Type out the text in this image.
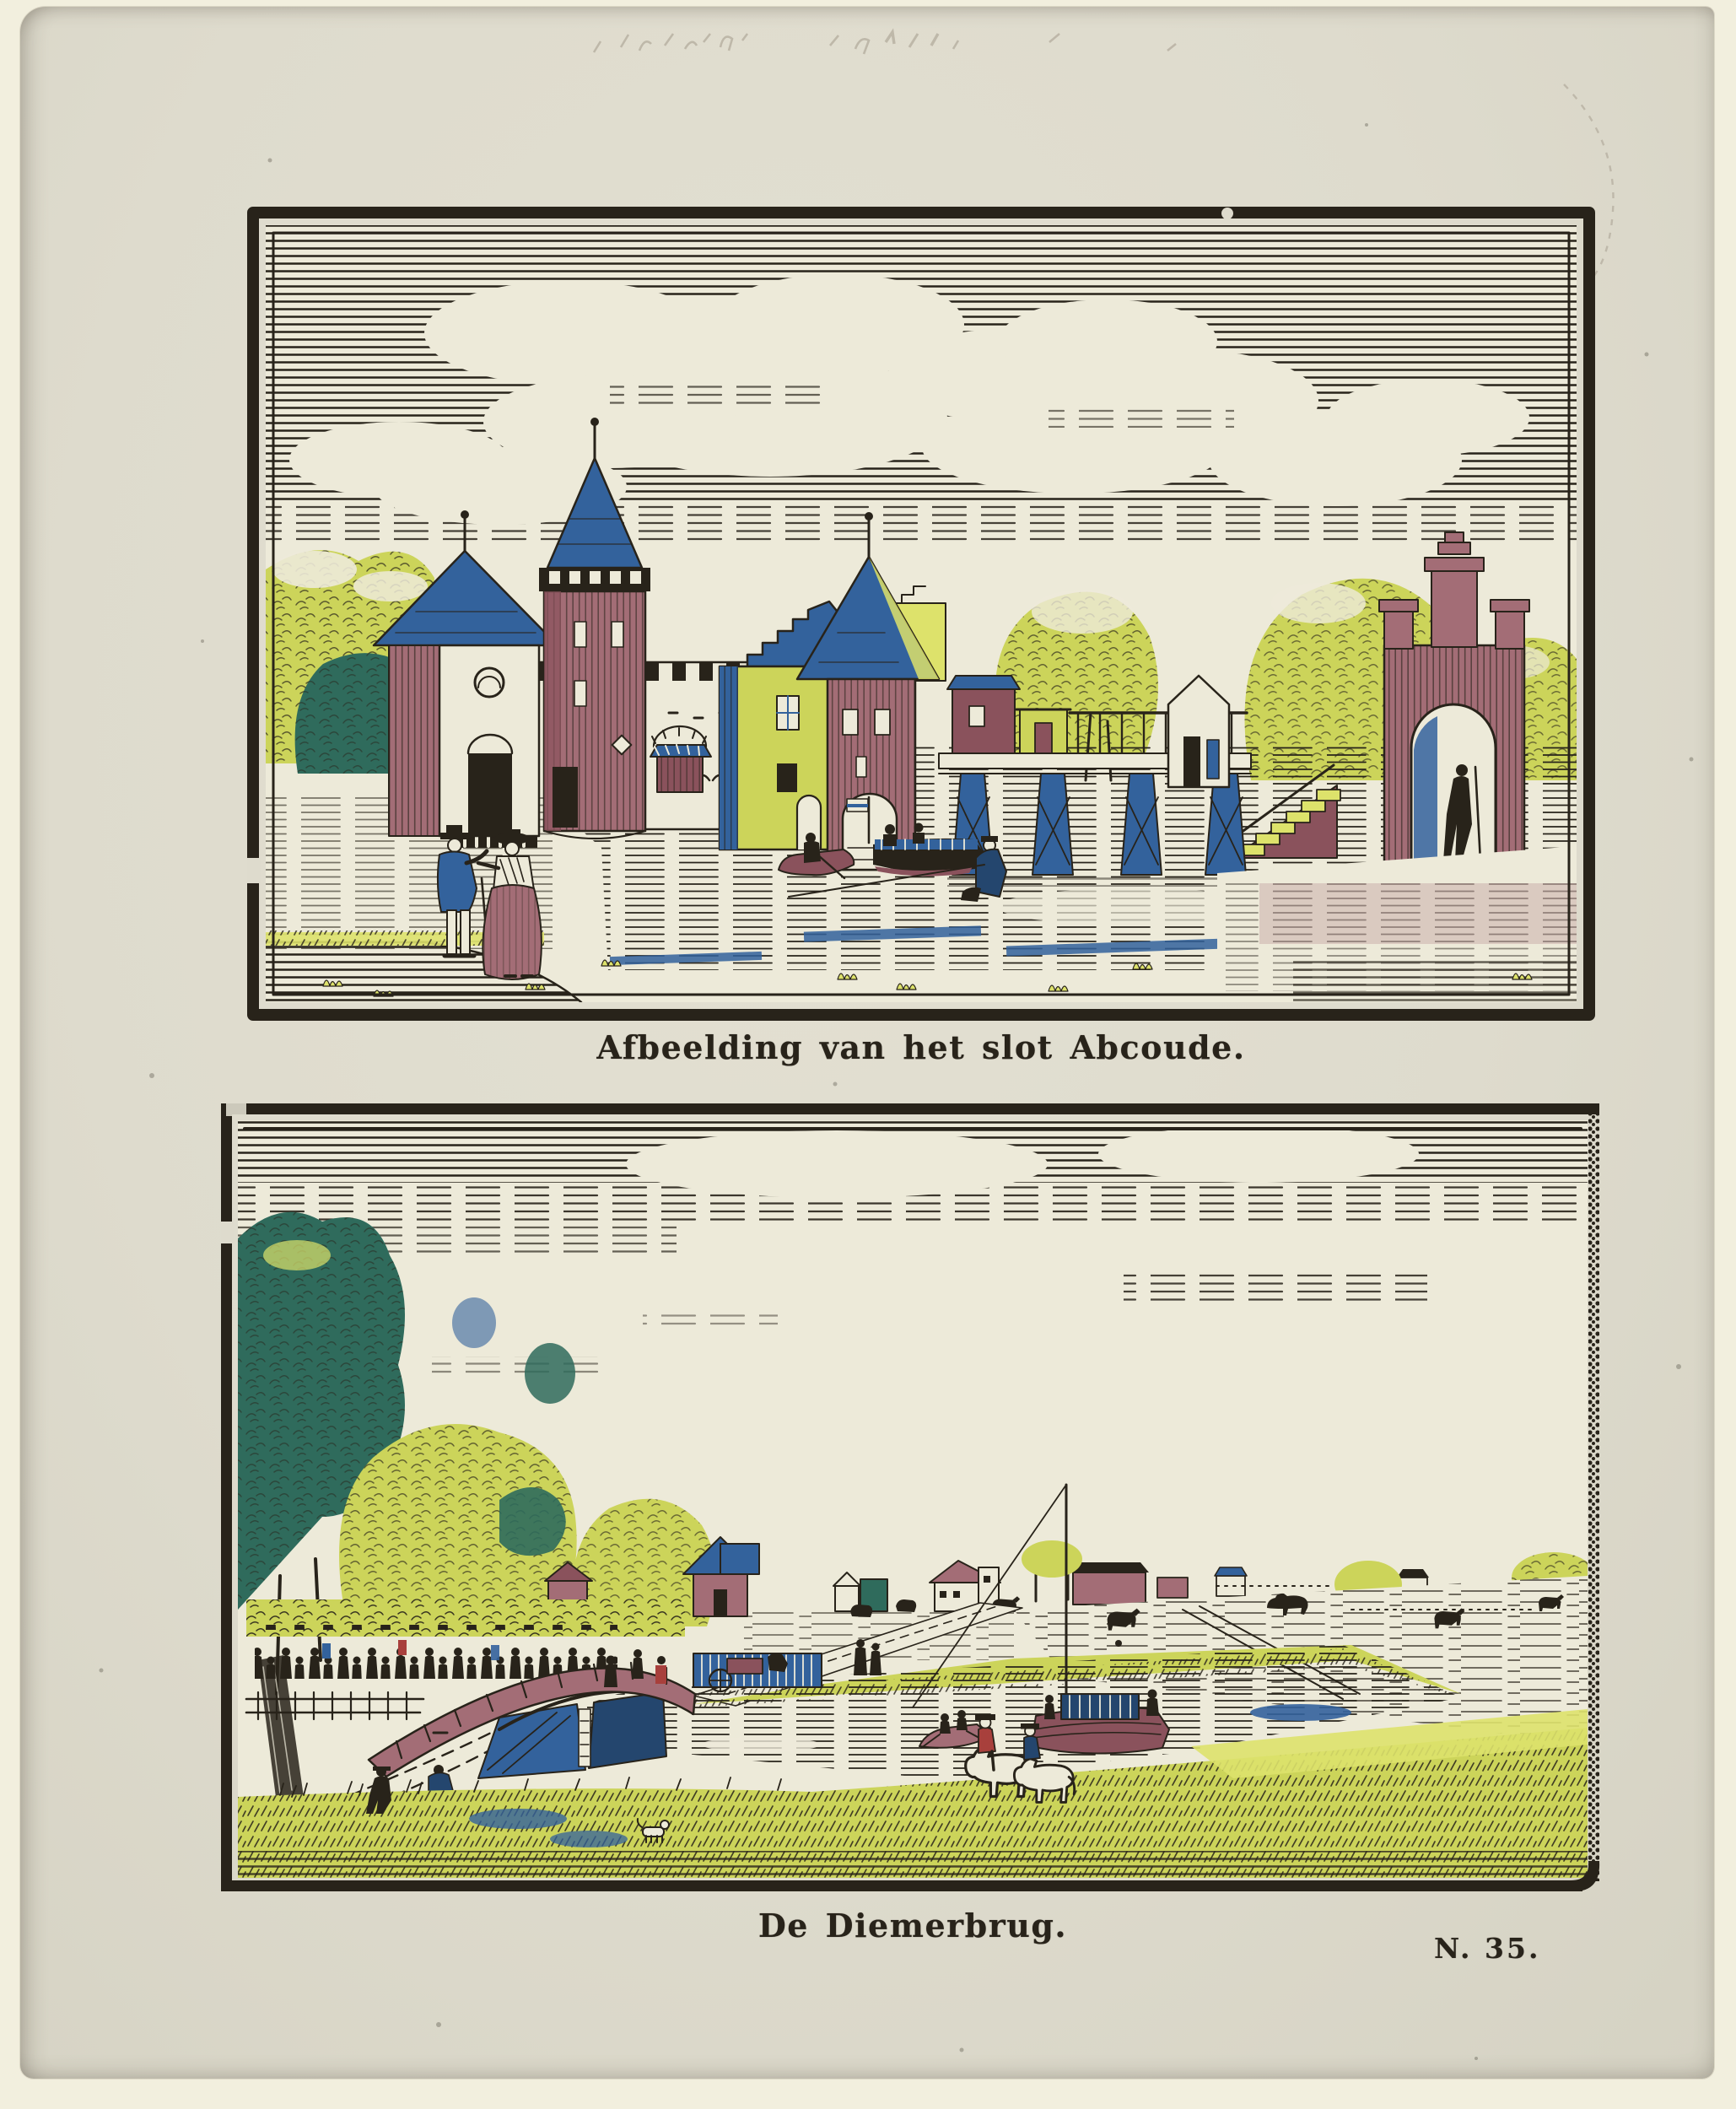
Afbeelding van het slot Abcoude.
De Diemerbrug.
N. 35.
